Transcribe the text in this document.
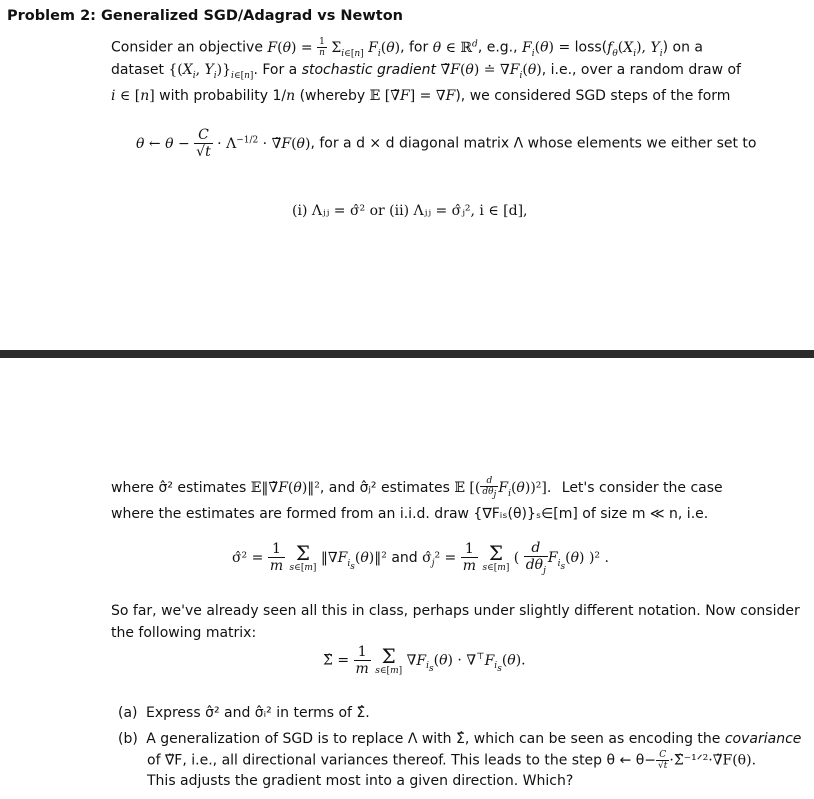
Problem 2: Generalized SGD/Adagrad vs Newton
Consider an objective $F(\theta) = \frac{1}{n} \Sigma_{i\in[n]}$ $F_i(\theta)$, for θ ∈ ℝ$^d$, e.g., $F_i(\theta)$ = $loss(f_\theta(X_i)$, $Y_i$) on a
dataset {($X_i$, $Y_i)\}_{i\in[n]}$. For a stochastic gradient ∇̃F(θ) ≐ $\nabla F_i(\theta)$, i.e., over a random draw of
i ∈ [n] with probability 1/n (whereby 𝔼 [∇̃F] = ∇F), we considered SGD steps of the form
θ ← $\theta - \frac{C}{√t} \cdot \Lambda^{-1/2}$ · ∇̃F(θ), for a d × d diagonal matrix Λ whose elements we either set to
(i) Λⱼⱼ = σ̂² or (ii) Λⱼⱼ = σ̂ⱼ², i ∈ [d],
where σ̂² estimates 𝔼‖∇̃F(θ)‖², and σ̂ⱼ² estimates 𝔼 [( $\frac{d}{d\theta_j} F_i(\theta))^2$]. Let's consider the case
where the estimates are formed from an i.i.d. draw {∇Fᵢₛ(θ)}ₛ∈[m] of size m ≪ n, i.e.
σ̂² = $\frac{1}{m}$
Σ
s∈[m]
$‖\nabla F_{i_s}(\theta)‖^2$ and $\sigmâ_j^2 = \frac{1}{m}$
Σ
s∈[m]
( $\frac{d}{d\theta_j} F_{i_s}(\theta)$ )² .
So far, we've already seen all this in class, perhaps under slightly different notation. Now consider
the following matrix:
Σ̂ = $\frac{1}{m}$
Σ
s∈[m]
$\nabla F_{i_s}(\theta) \cdot \nabla^⊤F_{i_s}(\theta)$.
(a) Express σ̂² and σ̂ᵢ² in terms of Σ̂.
(b) A generalization of SGD is to replace Λ with Σ̂, which can be seen as encoding the covariance
of ∇̃F, i.e., all directional variances thereof. This leads to the step θ ← $\theta- \frac{C}{√t}$ ·Σ̂⁻¹ᐟ²·∇̃F(θ).
This adjusts the gradient most into a given direction. Which?
